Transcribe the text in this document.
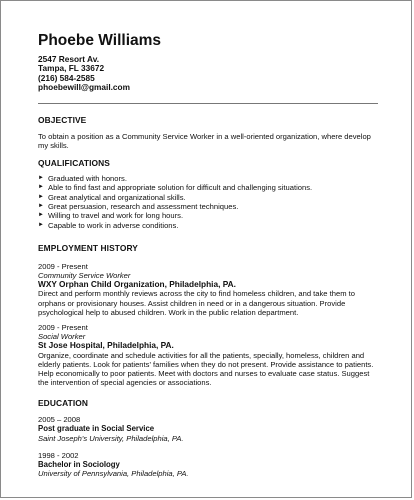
Phoebe Williams
2547 Resort Av.
Tampa, FL 33672
(216) 584-2585
phoebewill@gmail.com
OBJECTIVE
To obtain a position as a Community Service Worker in a well-oriented organization, where develop my skills.
QUALIFICATIONS
► Graduated with honors.
► Able to find fast and appropriate solution for difficult and challenging situations.
► Great analytical and organizational skills.
► Great persuasion, research and assessment techniques.
► Willing to travel and work for long hours.
► Capable to work in adverse conditions.
EMPLOYMENT HISTORY
2009 - Present
Community Service Worker
WXY Orphan Child Organization, Philadelphia, PA.
Direct and perform monthly reviews across the city to find homeless children, and take them to orphans or provisionary houses. Assist children in need or in a dangerous situation. Provide psychological help to abused children. Work in the public relation department.
2009 - Present
Social Worker
St Jose Hospital, Philadelphia, PA.
Organize, coordinate and schedule activities for all the patients, specially, homeless, children and elderly patients. Look for patients' families when they do not present. Provide assistance to patients. Help economically to poor patients. Meet with doctors and nurses to evaluate case status. Suggest the intervention of special agencies or associations.
EDUCATION
2005 – 2008
Post graduate in Social Service
Saint Joseph's University, Philadelphia, PA.
1998 - 2002
Bachelor in Sociology
University of Pennsylvania, Philadelphia, PA.
